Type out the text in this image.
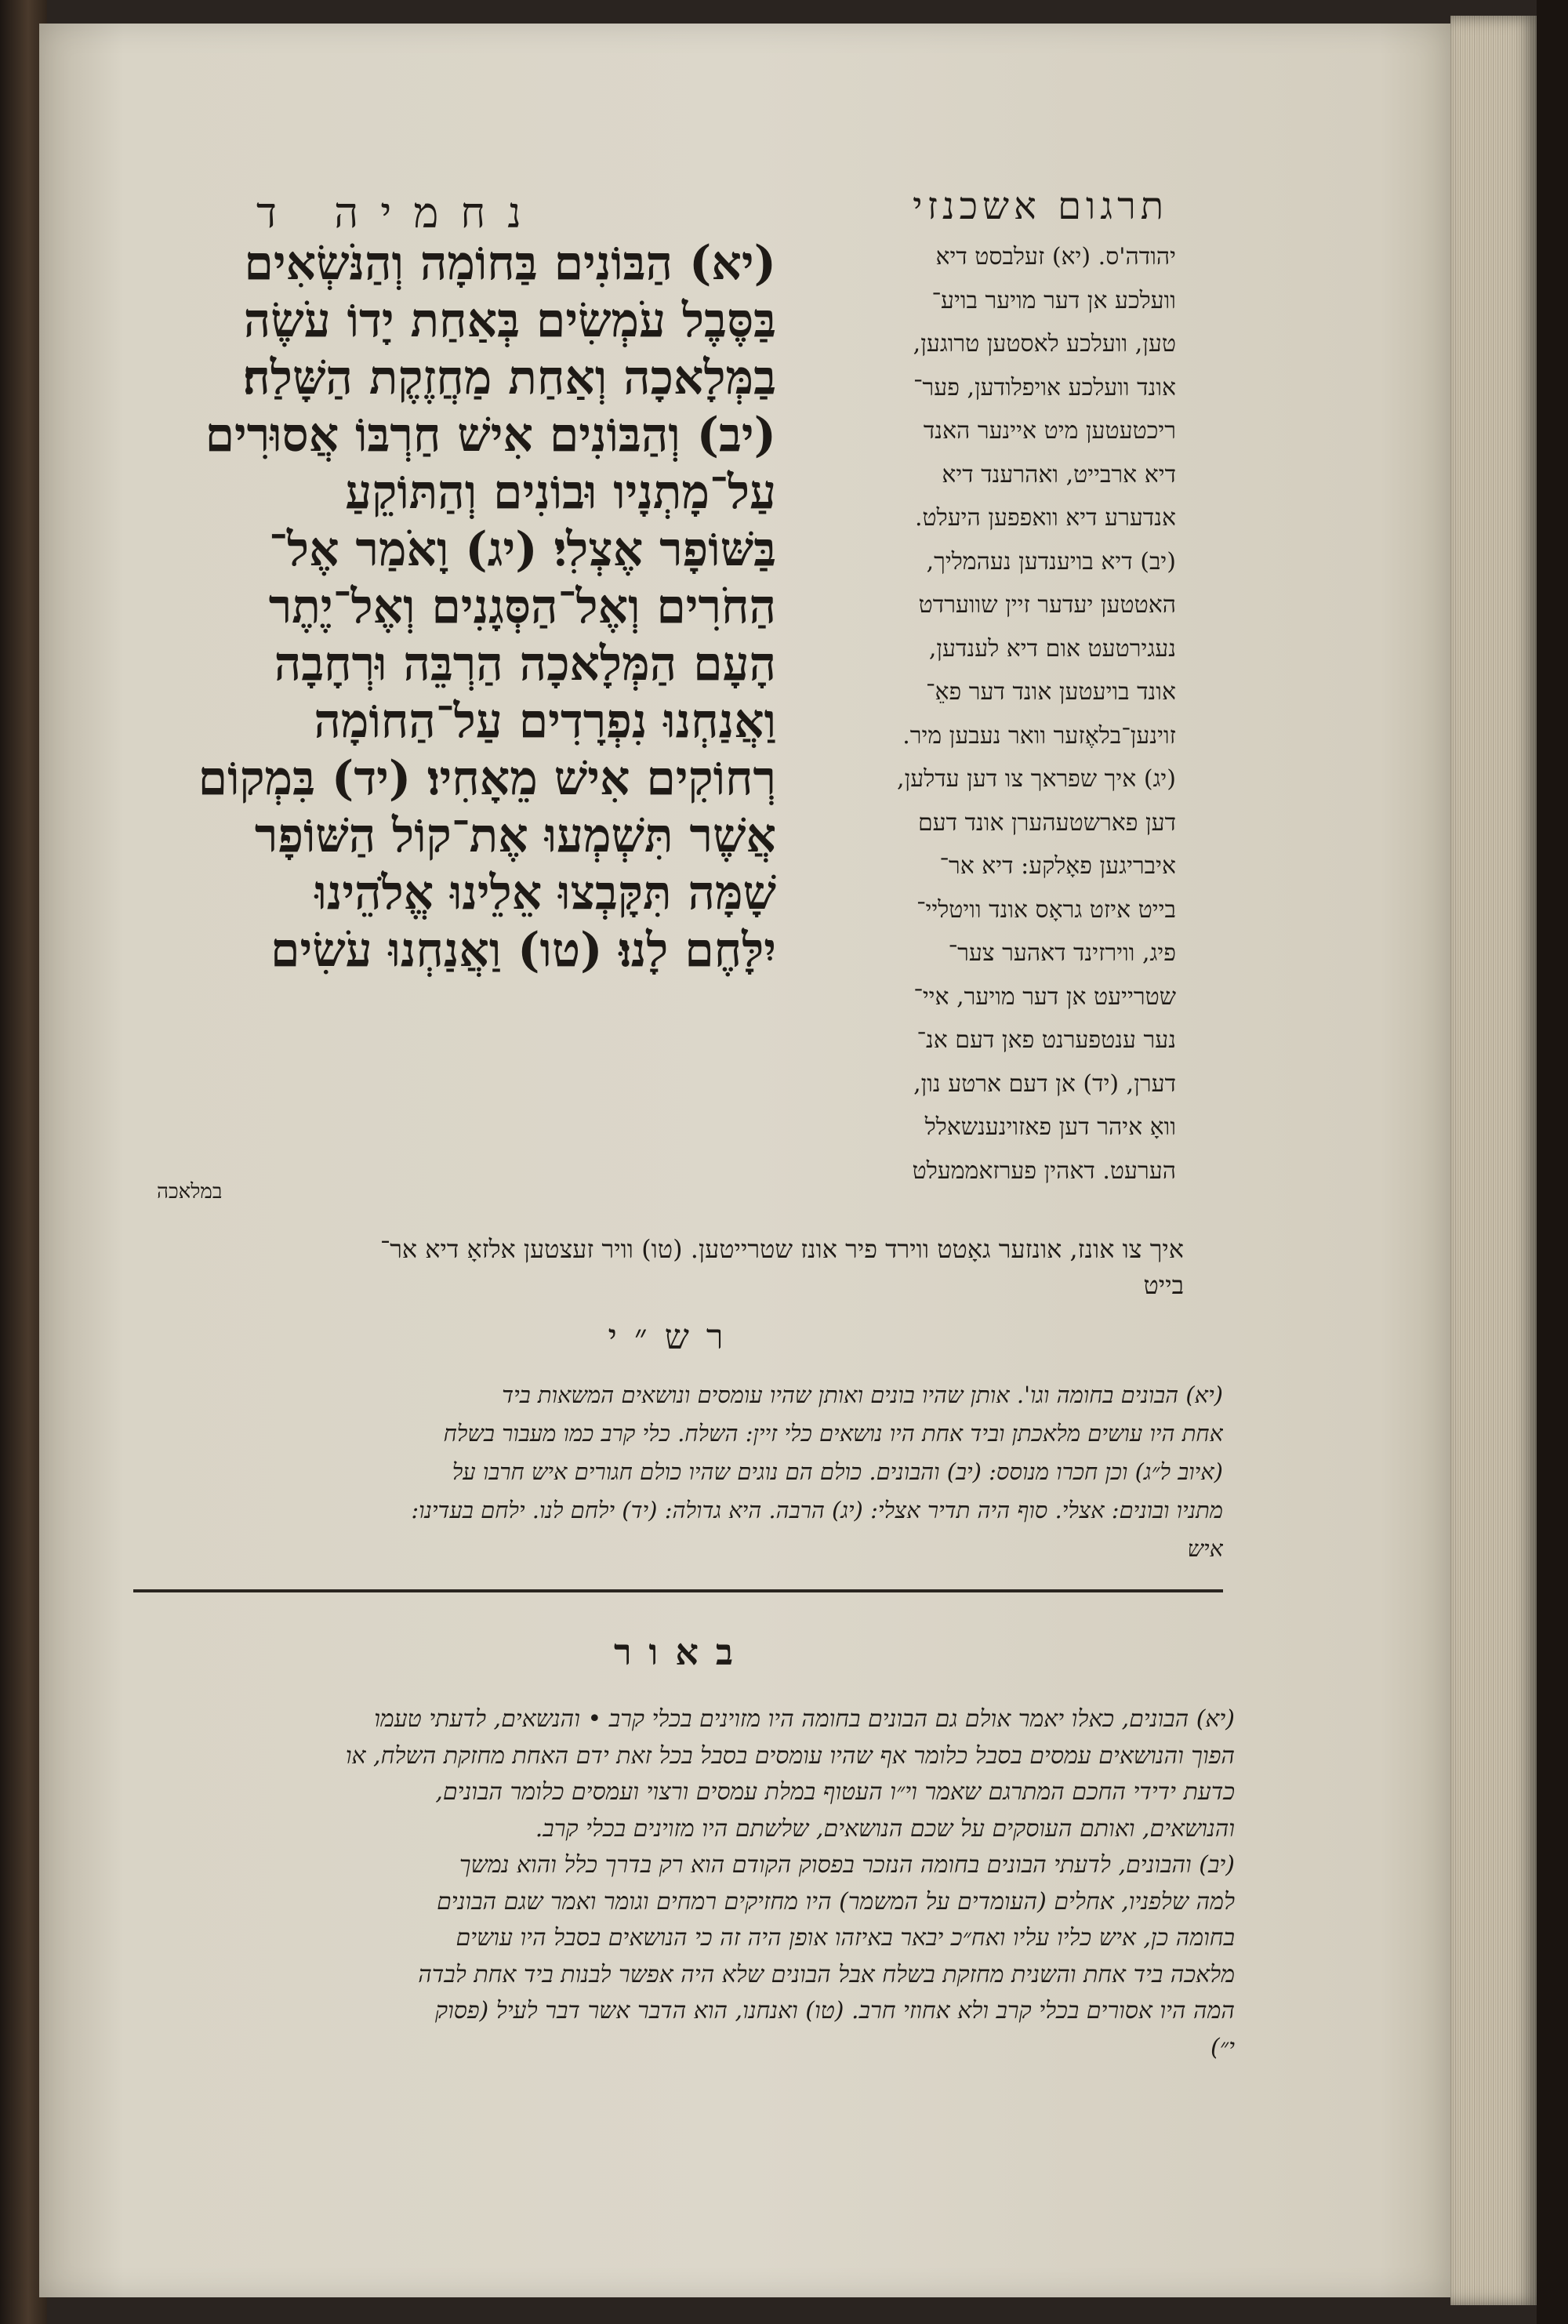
תרגום אשכנזי
נחמיה ד
יהודה'ס. (יא) זעלבסט דיא
וועלכע אן דער מויער בויע־
טען, וועלכע לאסטען טרוגען,
אונד וועלכע אויפלודען, פער־
ריכטעטען מיט איינער האנד
דיא ארבייט, ואהרענד דיא
אנדערע דיא וואפפען היעלט.
(יב) דיא בויענדען נעהמליך,
האטטען יעדער זיין שווערדט
נעגירטעט אום דיא לענדען,
אונד בויעטען אונד דער פאֵ־
זוינען־בלאֶזער וואר נעבען מיר.
(יג) איך שפראך צו דען עדלען,
דען פארשטעהערן אונד דעם
איבריגען פאָלקע: דיא אר־
בייט איזט גראָס אונד וויטליי־
פיג, ווירזינד דאהער צער־
שטרייעט אן דער מויער, איי־
נער ענטפערנט פאן דעם אנ־
דערן, (יד) אן דעם ארטע נון,
וואָ איהר דען פאזוינענשאלל
הערעט. דאהין פערזאממעלט
(יא) הַבּוֹנִים בַּחוֹמָה וְהַנֹּשְׂאִים
בַּסֶּבֶל עֹמְשִׂים בְּאַחַת יָדוֹ עֹשֶׂה
בַמְּלָאכָה וְאַחַת מַחֲזֶקֶת הַשָּׁלַח׃
(יב) וְהַבּוֹנִים אִישׁ חַרְבּוֹ אֲסוּרִים
עַל־מָתְנָיו וּבוֹנִים וְהַתּוֹקֵעַ
בַּשּׁוֹפָר אֶצְלִי׃ (יג) וָאֹמַר אֶל־
הַחֹרִים וְאֶל־הַסְּגָנִים וְאֶל־יֶתֶר
הָעָם הַמְּלָאכָה הַרְבֵּה וּרְחָבָה
וַאֲנַחְנוּ נִפְרָדִים עַל־הַחוֹמָה
רְחוֹקִים אִישׁ מֵאָחִיו׃ (יד) בִּמְקוֹם
אֲשֶׁר תִּשְׁמְעוּ אֶת־קוֹל הַשּׁוֹפָר
שָׁמָּה תִּקָּבְצוּ אֵלֵינוּ אֱלֹהֵינוּ
יִלָּחֶם לָנוּ׃ (טו) וַאֲנַחְנוּ עֹשִׂים
במלאכה
איך צו אונז, אונזער גאָטט ווירד פיר אונז שטרייטען. (טו) וויר זעצטען אלזאָ דיא אר־
בייט
רש״י
(יא) הבונים בחומה וגו'. אותן שהיו בונים ואותן שהיו עומסים ונושאים המשאות ביד
אחת היו עושים מלאכתן וביד אחת היו נושאים כלי זיין: השלח. כלי קרב כמו מעבור בשלח
(איוב ל״ג) וכן חכרו מנוסס: (יב) והבונים. כולם הם נוגים שהיו כולם חגורים איש חרבו על
מתניו ובונים: אצלי. סוף היה תדיר אצלי: (יג) הרבה. היא גדולה: (יד) ילחם לנו. ילחם בעדינו:
איש
באור
(יא) הבונים, כאלו יאמר אולם גם הבונים בחומה היו מזוינים בכלי קרב • והנשאים, לדעתי טעמו
הפוך והנושאים עמסים בסבל כלומר אף שהיו עומסים בסבל בכל זאת ידם האחת מחזקת השלח, או
כדעת ידידי החכם המתרגם שאמר וי״ו העטוף במלת עמסים ורצוי ועמסים כלומר הבונים,
והנושאים, ואותם העוסקים על שכם הנושאים, שלשתם היו מזוינים בכלי קרב.
(יב) והבונים, לדעתי הבונים בחומה הנזכר בפסוק הקודם הוא רק בדרך כלל והוא נמשך
למה שלפניו, אחלים (העומדים על המשמר) היו מחזיקים רמחים וגומר ואמר שגם הבונים
בחומה כן, איש כליו עליו ואח״כ יבאר באיזהו אופן היה זה כי הנושאים בסבל היו עושים
מלאכה ביד אחת והשנית מחזקת בשלח אבל הבונים שלא היה אפשר לבנות ביד אחת לבדה
המה היו אסורים בכלי קרב ולא אחוזי חרב. (טו) ואנחנו, הוא הדבר אשר דבר לעיל (פסוק
י״)
